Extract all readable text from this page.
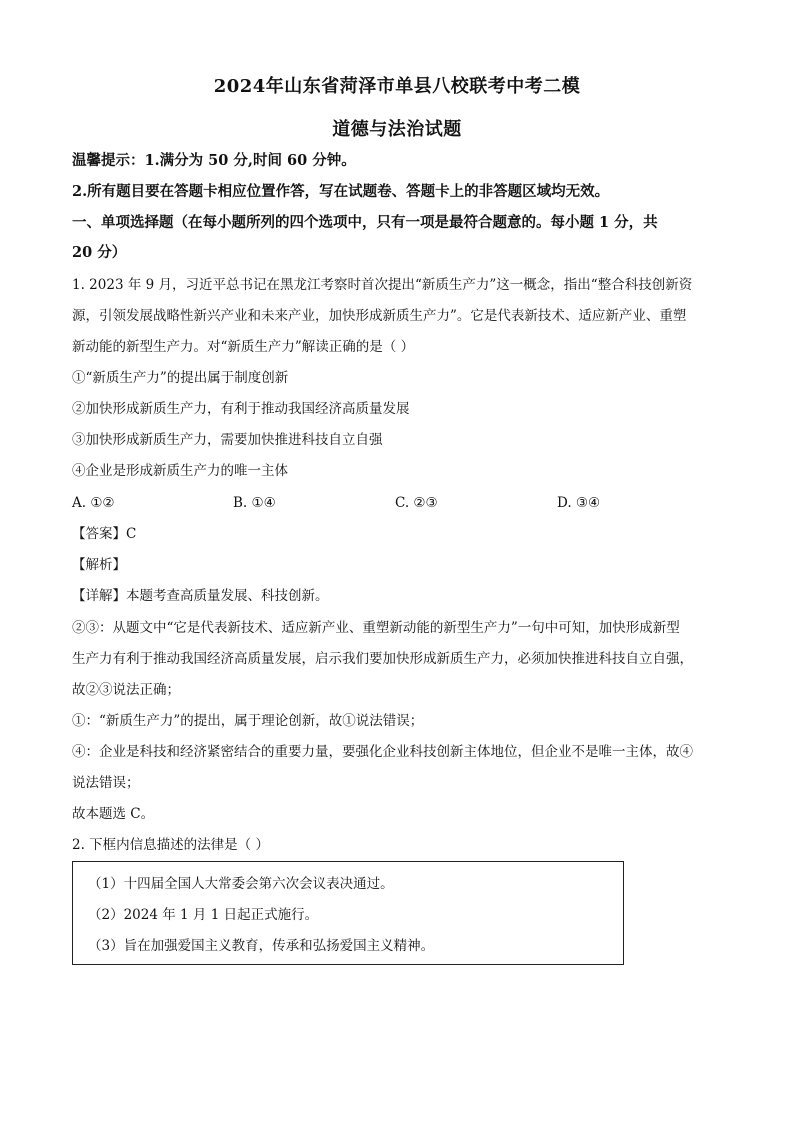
2024年山东省菏泽市单县八校联考中考二模
道德与法治试题
温馨提示：1.满分为 50 分,时间 60 分钟。
2.所有题目要在答题卡相应位置作答，写在试题卷、答题卡上的非答题区域均无效。
一、单项选择题（在每小题所列的四个选项中，只有一项是最符合题意的。每小题 1 分，共
20 分）
1. 2023 年 9 月，习近平总书记在黑龙江考察时首次提出“新质生产力”这一概念，指出“整合科技创新资
源，引领发展战略性新兴产业和未来产业，加快形成新质生产力”。它是代表新技术、适应新产业、重塑
新动能的新型生产力。对“新质生产力”解读正确的是（ ）
①“新质生产力”的提出属于制度创新
②加快形成新质生产力，有利于推动我国经济高质量发展
③加快形成新质生产力，需要加快推进科技自立自强
④企业是形成新质生产力的唯一主体
A. ①②	B. ①④	C. ②③	D. ③④
【答案】C
【解析】
【详解】本题考查高质量发展、科技创新。
②③：从题文中“它是代表新技术、适应新产业、重塑新动能的新型生产力”一句中可知，加快形成新型
生产力有利于推动我国经济高质量发展，启示我们要加快形成新质生产力，必须加快推进科技自立自强，
故②③说法正确；
①：“新质生产力”的提出，属于理论创新，故①说法错误；
④：企业是科技和经济紧密结合的重要力量，要强化企业科技创新主体地位，但企业不是唯一主体，故④
说法错误；
故本题选 C。
2. 下框内信息描述的法律是（ ）
（1）十四届全国人大常委会第六次会议表决通过。
（2）2024 年 1 月 1 日起正式施行。
（3）旨在加强爱国主义教育，传承和弘扬爱国主义精神。
